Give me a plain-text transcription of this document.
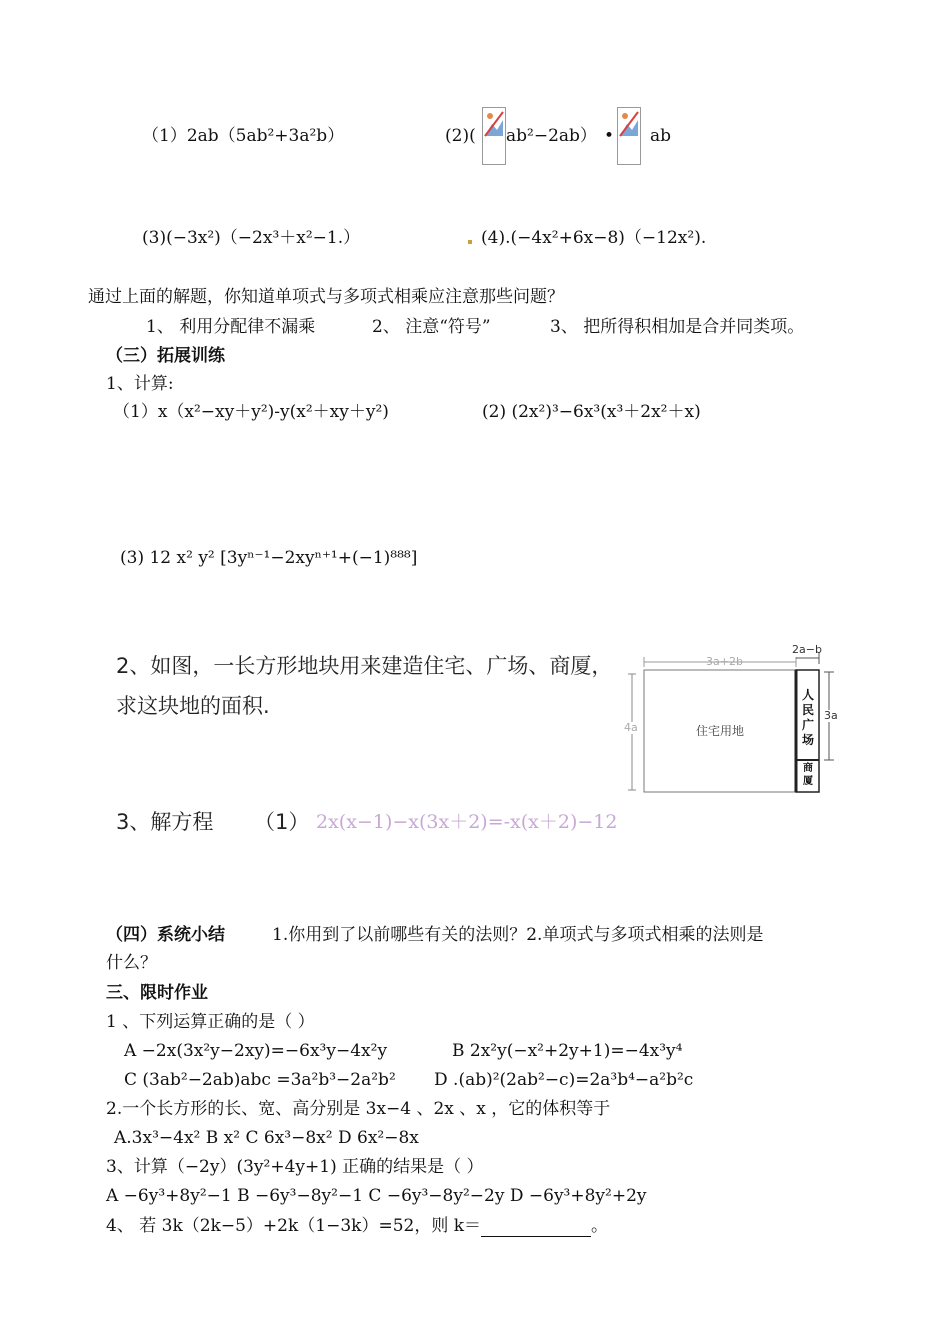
（1）2ab（5ab²+3a²b）	(2)( ab²−2ab） • ab
(3)(−3x²)（−2x³＋x²−1.）	(4).(−4x²+6x−8)（−12x²).
通过上面的解题，你知道单项式与多项式相乘应注意那些问题？
1、 利用分配律不漏乘	2、 注意“符号”	3、 把所得积相加是合并同类项。
（三）拓展训练
1、计算:
（1）x（x²−xy＋y²)-y(x²＋xy＋y²)	(2) (2x²)³−6x³(x³＋2x²＋x)
(3) 12 x² y² [3yⁿ⁻¹−2xyⁿ⁺¹+(−1)⁸⁸⁸]
2、如图，一长方形地块用来建造住宅、广场、商厦，
求这块地的面积.
3a+2b
2a−b
4a
3a
住宅用地
人民广场
商厦
3、解方程 （1） 2x(x−1)−x(3x＋2)=-x(x＋2)−12
（四）系统小结	1.你用到了以前哪些有关的法则？2.单项式与多项式相乘的法则是
什么？
三、限时作业
1 、下列运算正确的是（ ）
A −2x(3x²y−2xy)=−6x³y−4x²y	B 2x²y(−x²+2y+1)=−4x³y⁴
C (3ab²−2ab)abc =3a²b³−2a²b² D .(ab)²(2ab²−c)=2a³b⁴−a²b²c
2.一个长方形的长、宽、高分别是 3x−4 、2x 、x ，它的体积等于
A.3x³−4x² B x² C 6x³−8x² D 6x²−8x
3、计算（−2y）(3y²+4y+1) 正确的结果是（ ）
A −6y³+8y²−1 B −6y³−8y²−1 C −6y³−8y²−2y D −6y³+8y²+2y
4、 若 3k（2k−5）+2k（1−3k）=52，则 k＝	。
